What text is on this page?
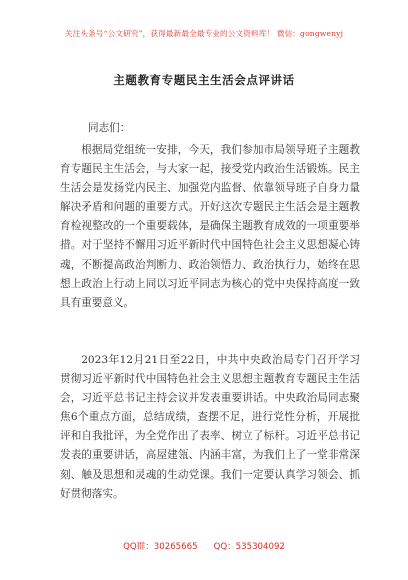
关注头条号“公文研究”，获得最新最全最专业的公文资料库！ 微信：gongwenyj
主题教育专题民主生活会点评讲话
同志们：

根据局党组统一安排，今天，我们参加市局领导班子主题教育专题民主生活会，与大家一起，接受党内政治生活锻炼。民主生活会是发扬党内民主、加强党内监督、依靠领导班子自身力量解决矛盾和问题的重要方式。开好这次专题民主生活会是主题教育检视整改的一个重要载体，是确保主题教育成效的一项重要举措。对于坚持不懈用习近平新时代中国特色社会主义思想凝心铸魂，不断提高政治判断力、政治领悟力、政治执行力，始终在思想上政治上行动上同以习近平同志为核心的党中央保持高度一致具有重要意义。

2023年12月21日至22日，中共中央政治局专门召开学习贯彻习近平新时代中国特色社会主义思想主题教育专题民主生活会，习近平总书记主持会议并发表重要讲话。中央政治局同志聚焦6个重点方面，总结成绩，查摆不足，进行党性分析，开展批评和自我批评，为全党作出了表率、树立了标杆。习近平总书记发表的重要讲话，高屋建瓴、内涵丰富，为我们上了一堂非常深刻、触及思想和灵魂的生动党课。我们一定要认真学习领会、抓好贯彻落实。

QQ群：30265665 QQ：535304092
